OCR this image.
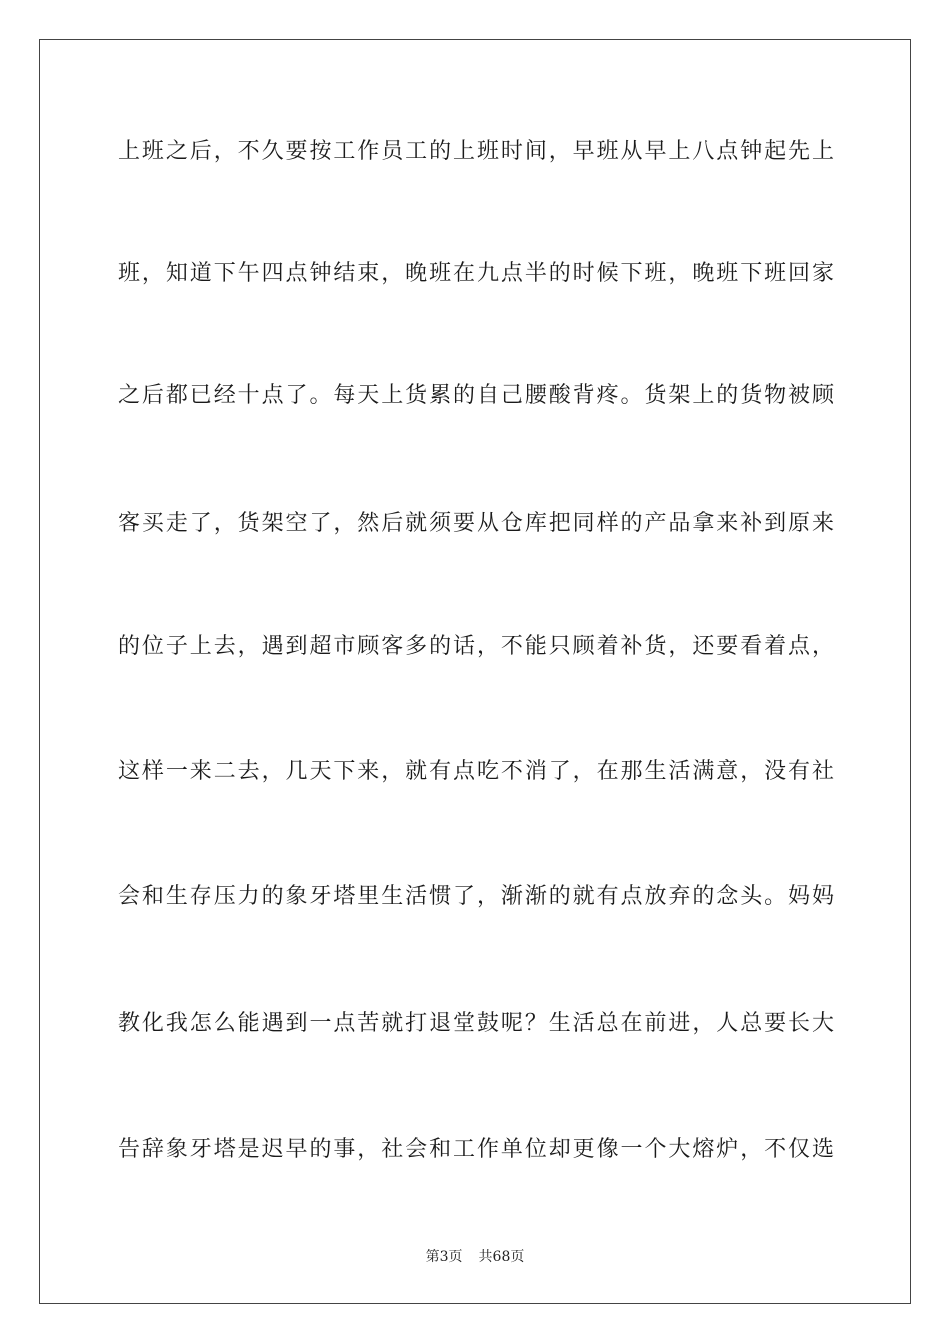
上班之后，不久要按工作员工的上班时间，早班从早上八点钟起先上
班，知道下午四点钟结束，晚班在九点半的时候下班，晚班下班回家
之后都已经十点了。每天上货累的自己腰酸背疼。货架上的货物被顾
客买走了，货架空了，然后就须要从仓库把同样的产品拿来补到原来
的位子上去，遇到超市顾客多的话，不能只顾着补货，还要看着点，
这样一来二去，几天下来，就有点吃不消了，在那生活满意，没有社
会和生存压力的象牙塔里生活惯了，渐渐的就有点放弃的念头。妈妈
教化我怎么能遇到一点苦就打退堂鼓呢？生活总在前进，人总要长大
告辞象牙塔是迟早的事，社会和工作单位却更像一个大熔炉，不仅选
第3页 共68页
